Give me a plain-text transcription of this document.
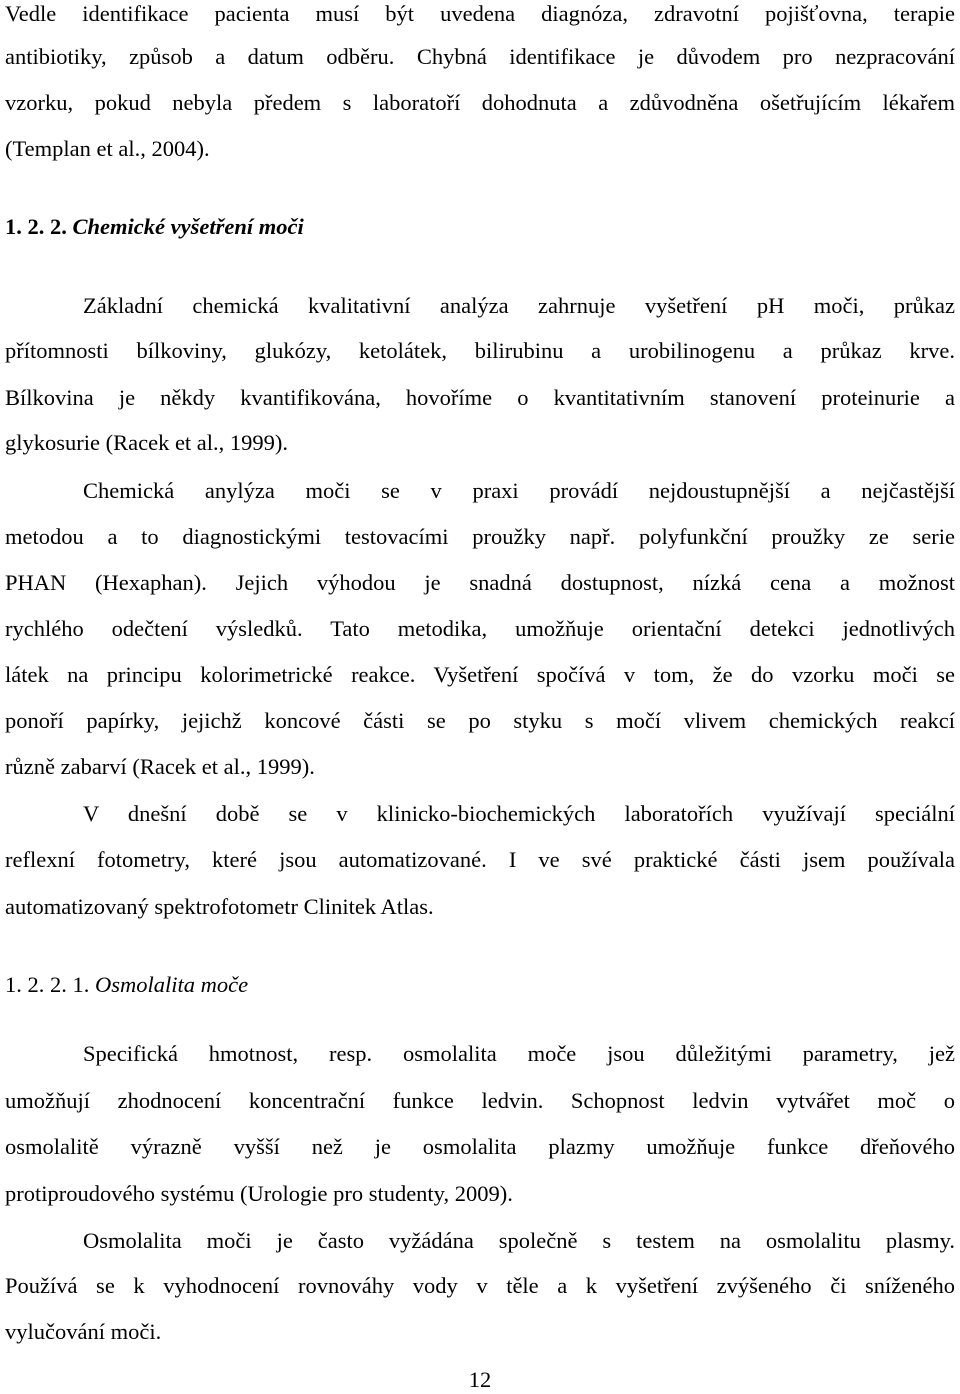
Vedle identifikace pacienta musí být uvedena diagnóza, zdravotní pojišťovna, terapie
antibiotiky, způsob a datum odběru. Chybná identifikace je důvodem pro nezpracování
vzorku, pokud nebyla předem s laboratoří dohodnuta a zdůvodněna ošetřujícím lékařem
(Templan et al., 2004).
1. 2. 2. Chemické vyšetření moči
Základní chemická kvalitativní analýza zahrnuje vyšetření pH moči, průkaz
přítomnosti bílkoviny, glukózy, ketolátek, bilirubinu a urobilinogenu a průkaz krve.
Bílkovina je někdy kvantifikována, hovoříme o kvantitativním stanovení proteinurie a
glykosurie (Racek et al., 1999).
Chemická anylýza moči se v praxi provádí nejdoustupnější a nejčastější
metodou a to diagnostickými testovacími proužky např. polyfunkční proužky ze serie
PHAN (Hexaphan). Jejich výhodou je snadná dostupnost, nízká cena a možnost
rychlého odečtení výsledků. Tato metodika, umožňuje orientační detekci jednotlivých
látek na principu kolorimetrické reakce. Vyšetření spočívá v tom, že do vzorku moči se
ponoří papírky, jejichž koncové části se po styku s močí vlivem chemických reakcí
různě zabarví (Racek et al., 1999).
V dnešní době se v klinicko-biochemických laboratořích využívají speciální
reflexní fotometry, které jsou automatizované. I ve své praktické části jsem používala
automatizovaný spektrofotometr Clinitek Atlas.
1. 2. 2. 1. Osmolalita moče
Specifická hmotnost, resp. osmolalita moče jsou důležitými parametry, jež
umožňují zhodnocení koncentrační funkce ledvin. Schopnost ledvin vytvářet moč o
osmolalitě výrazně vyšší než je osmolalita plazmy umožňuje funkce dřeňového
protiproudového systému (Urologie pro studenty, 2009).
Osmolalita moči je často vyžádána společně s testem na osmolalitu plasmy.
Používá se k vyhodnocení rovnováhy vody v těle a k vyšetření zvýšeného či sníženého
vylučování moči.
12
